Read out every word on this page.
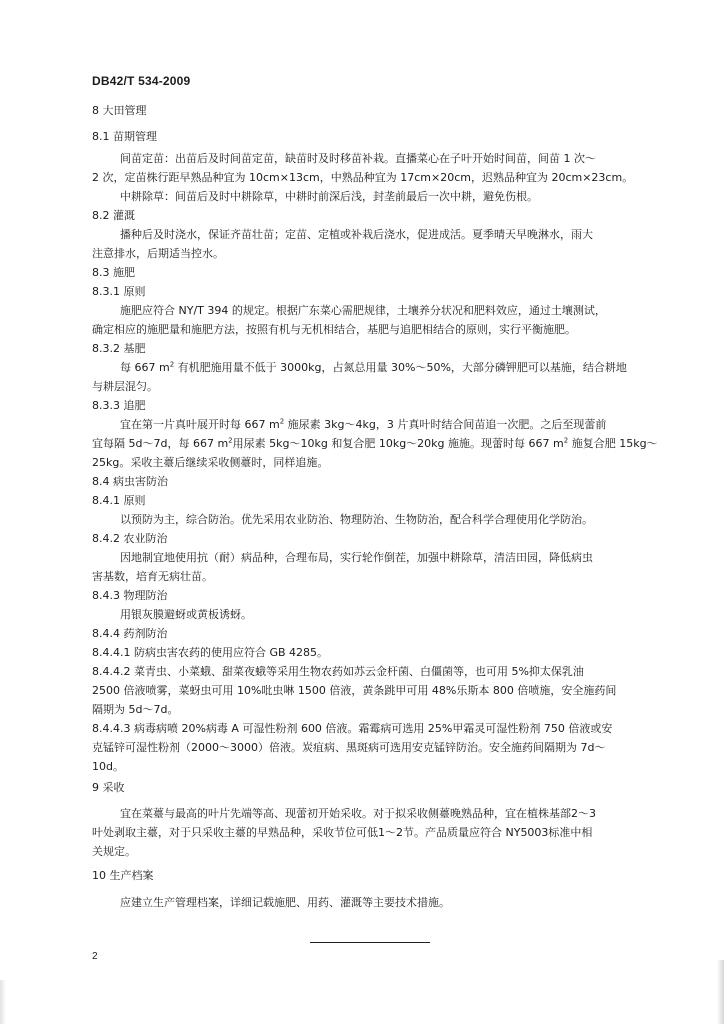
DB42/T 534-2009
8 大田管理
8.1 苗期管理
间苗定苗：出苗后及时间苗定苗，缺苗时及时移苗补栽。直播菜心在子叶开始时间苗，间苗 1 次～
2 次，定苗株行距早熟品种宜为 10cm×13cm，中熟品种宜为 17cm×20cm，迟熟品种宜为 20cm×23cm。
中耕除草：间苗后及时中耕除草，中耕时前深后浅，封垄前最后一次中耕，避免伤根。
8.2 灌溉
播种后及时浇水，保证齐苗壮苗；定苗、定植或补栽后浇水，促进成活。夏季晴天早晚淋水，雨大
注意排水，后期适当控水。
8.3 施肥
8.3.1 原则
施肥应符合 NY/T 394 的规定。根据广东菜心需肥规律，土壤养分状况和肥料效应，通过土壤测试，
确定相应的施肥量和施肥方法，按照有机与无机相结合，基肥与追肥相结合的原则，实行平衡施肥。
8.3.2 基肥
每 667 $m^2$ 有机肥施用量不低于 3000kg，占氮总用量 30%～50%，大部分磷钾肥可以基施，结合耕地
与耕层混匀。
8.3.3 追肥
宜在第一片真叶展开时每 667 $m^2$ 施尿素 3kg～4kg，3 片真叶时结合间苗追一次肥。之后至现蕾前
宜每隔 5d～7d，每 667 $m^2$用尿素 5kg～10kg 和复合肥 10kg～20kg 施施。现蕾时每 667 $m^2$ 施复合肥 15kg～
25kg。采收主薹后继续采收侧薹时，同样追施。
8.4 病虫害防治
8.4.1 原则
以预防为主，综合防治。优先采用农业防治、物理防治、生物防治，配合科学合理使用化学防治。
8.4.2 农业防治
因地制宜地使用抗（耐）病品种，合理布局，实行轮作倒茬，加强中耕除草，清洁田园，降低病虫
害基数，培育无病壮苗。
8.4.3 物理防治
用银灰膜避蚜或黄板诱蚜。
8.4.4 药剂防治
8.4.4.1 防病虫害农药的使用应符合 GB 4285。
8.4.4.2 菜青虫、小菜蛾、甜菜夜蛾等采用生物农药如苏云金杆菌、白僵菌等，也可用 5%抑太保乳油
2500 倍液喷雾，菜蚜虫可用 10%吡虫啉 1500 倍液，黄条跳甲可用 48%乐斯本 800 倍喷施，安全施药间
隔期为 5d～7d。
8.4.4.3 病毒病喷 20%病毒 A 可湿性粉剂 600 倍液。霜霉病可选用 25%甲霜灵可湿性粉剂 750 倍液或安
克锰锌可湿性粉剂（2000～3000）倍液。炭疽病、黑斑病可选用安克锰锌防治。安全施药间隔期为 7d～
10d。
9 采收
宜在菜薹与最高的叶片先端等高、现蕾初开始采收。对于拟采收侧薹晚熟品种，宜在植株基部2～3
叶处剥取主薹，对于只采收主薹的早熟品种，采收节位可低1～2节。产品质量应符合 NY5003标准中相
关规定。
10 生产档案
应建立生产管理档案，详细记载施肥、用药、灌溉等主要技术措施。
2
